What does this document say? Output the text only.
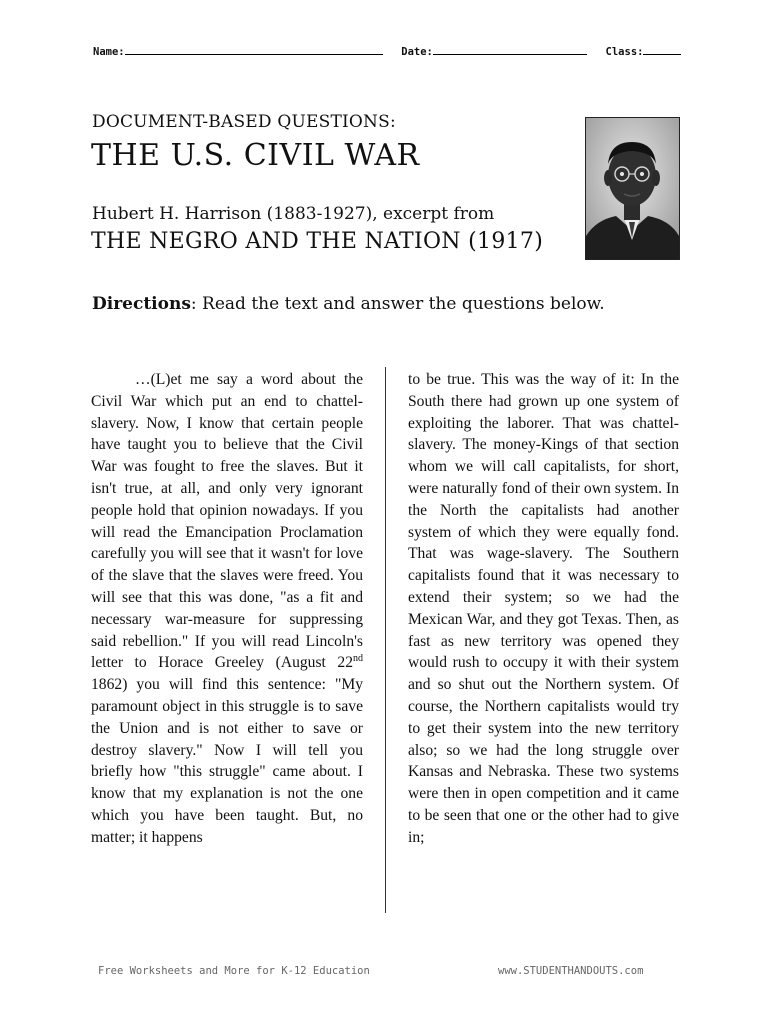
Name:	Date:	Class:
DOCUMENT-BASED QUESTIONS:
THE U.S. CIVIL WAR
Hubert H. Harrison (1883-1927), excerpt from
THE NEGRO AND THE NATION (1917)
Directions: Read the text and answer the questions below.

…(L)et me say a word about the Civil War which put an end to chattel-slavery. Now, I know that certain people have taught you to believe that the Civil War was fought to free the slaves. But it isn't true, at all, and only very ignorant people hold that opinion nowadays. If you will read the Emancipation Proclamation carefully you will see that it wasn't for love of the slave that the slaves were freed. You will see that this was done, "as a fit and necessary war-measure for suppressing said rebellion." If you will read Lincoln's letter to Horace Greeley (August 22nd 1862) you will find this sentence: "My paramount object in this struggle is to save the Union and is not either to save or destroy slavery." Now I will tell you briefly how "this struggle" came about. I know that my explanation is not the one which you have been taught. But, no matter; it happens

to be true. This was the way of it: In the South there had grown up one system of exploiting the laborer. That was chattel-slavery. The money-Kings of that section whom we will call capitalists, for short, were naturally fond of their own system. In the North the capitalists had another system of which they were equally fond. That was wage-slavery. The Southern capitalists found that it was necessary to extend their system; so we had the Mexican War, and they got Texas. Then, as fast as new territory was opened they would rush to occupy it with their system and so shut out the Northern system. Of course, the Northern capitalists would try to get their system into the new territory also; so we had the long struggle over Kansas and Nebraska. These two systems were then in open competition and it came to be seen that one or the other had to give in;

Free Worksheets and More for K-12 Education	www.STUDENTHANDOUTS.com
